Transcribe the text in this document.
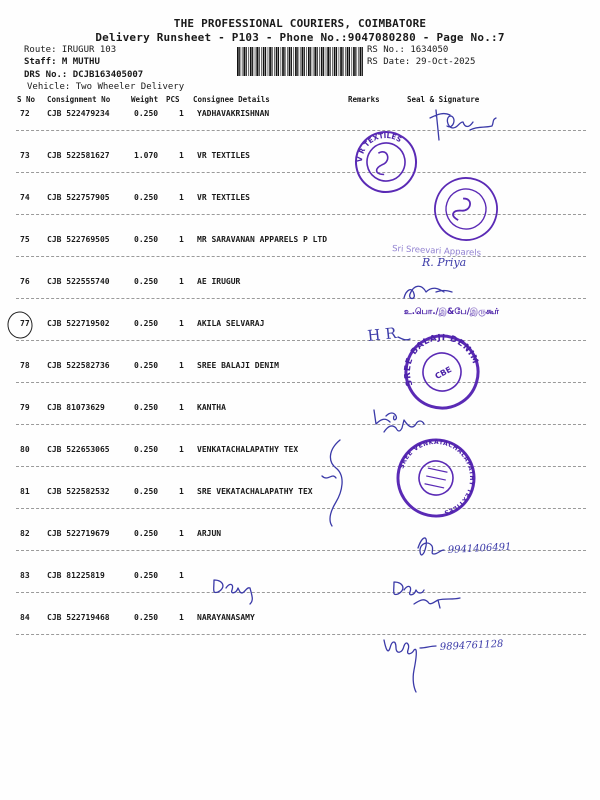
THE PROFESSIONAL COURIERS, COIMBATORE
Delivery Runsheet - P103 - Phone No.:9047080280 - Page No.:7
Route: IRUGUR 103
Staff: M MUTHU
DRS No.: DCJB163405007
Vehicle: Two Wheeler Delivery
RS No.: 1634050
RS Date: 29-Oct-2025
S No Consignment No	Weight PCS Consignee Details	Remarks	Seal & Signature
72 CJB 522479234	0.250	1 YADHAVAKRISHNAN
73 CJB 522581627	1.070	1 VR TEXTILES
74 CJB 522757905	0.250	1 VR TEXTILES
75 CJB 522769505	0.250	1 MR SARAVANAN APPARELS P LTD
76 CJB 522555740	0.250	1 AE IRUGUR
77 CJB 522719502	0.250	1 AKILA SELVARAJ
78 CJB 522582736	0.250	1 SREE BALAJI DENIM
79 CJB 81073629	0.250	1 KANTHA
80 CJB 522653065	0.250	1 VENKATACHALAPATHY TEX
81 CJB 522582532	0.250	1 SRE VEKATACHALAPATHY TEX
82 CJB 522719679	0.250	1 ARJUN
83 CJB 81225819	0.250	1
84 CJB 522719468	0.250	1 NARAYANASAMY
V R TEXTILES
Sri Sreevari Apparels
R. Priya
உ.பொ./இ&பே/இருகூர்
H R
SREE BALAJI DENIM
CBE
SREE VENKATACHALAPATHY TEXTILES
9941406491
9894761128
